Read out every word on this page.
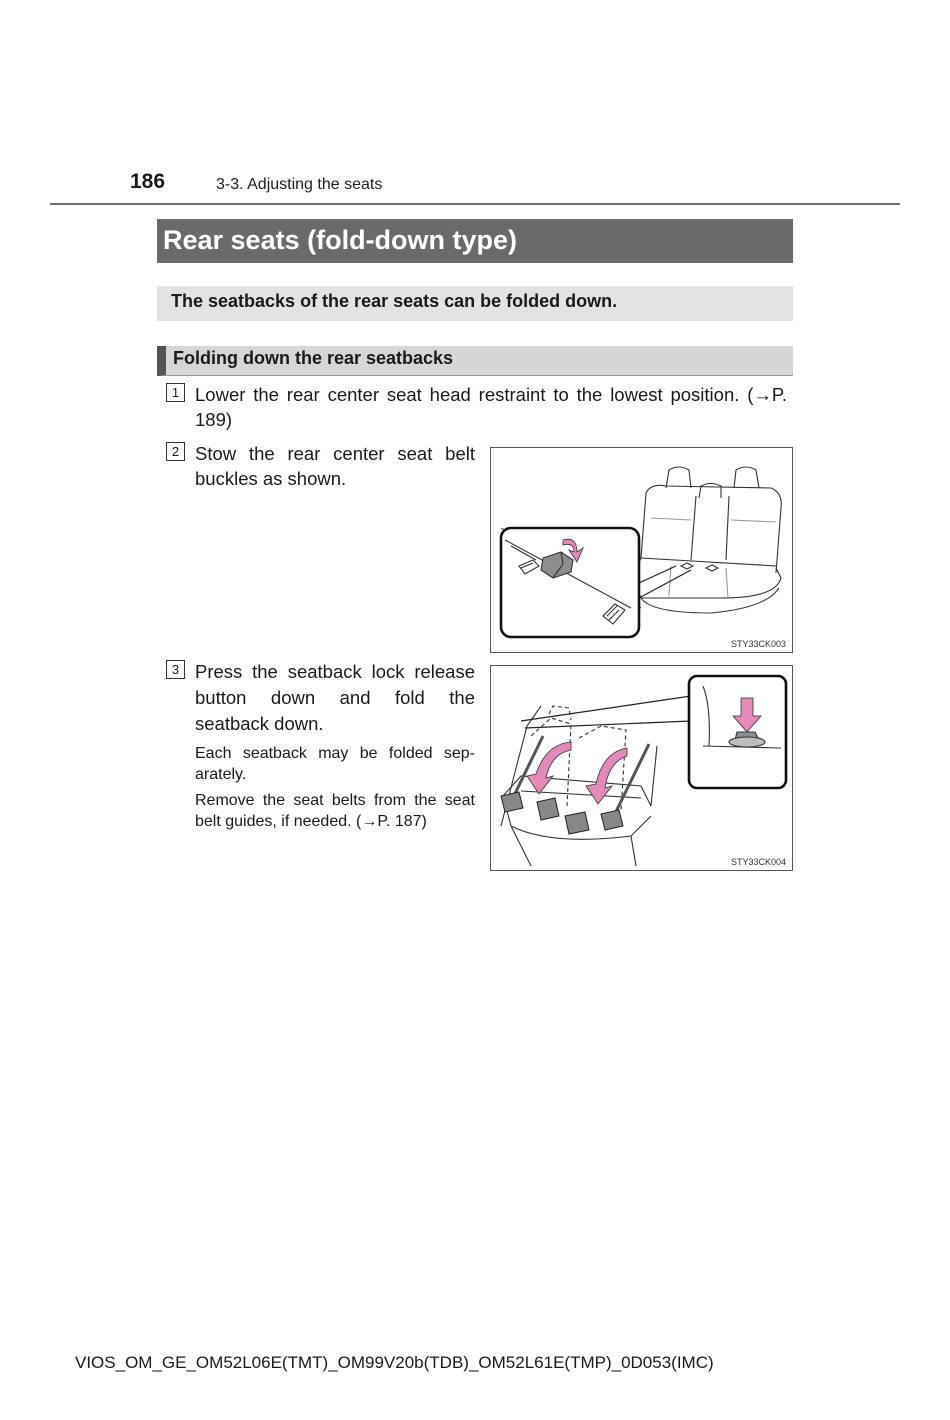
186	3-3. Adjusting the seats
Rear seats (fold-down type)
The seatbacks of the rear seats can be folded down.
Folding down the rear seatbacks
1 Lower the rear center seat head restraint to the lowest position. (→P. 189)
2 Stow the rear center seat belt buckles as shown.
STY33CK003
3 Press the seatback lock release button down and fold the seatback down.
Each seatback may be folded sep-arately.
Remove the seat belts from the seat belt guides, if needed. (→P. 187)
STY33CK004
VIOS_OM_GE_OM52L06E(TMT)_OM99V20b(TDB)_OM52L61E(TMP)_0D053(IMC)
